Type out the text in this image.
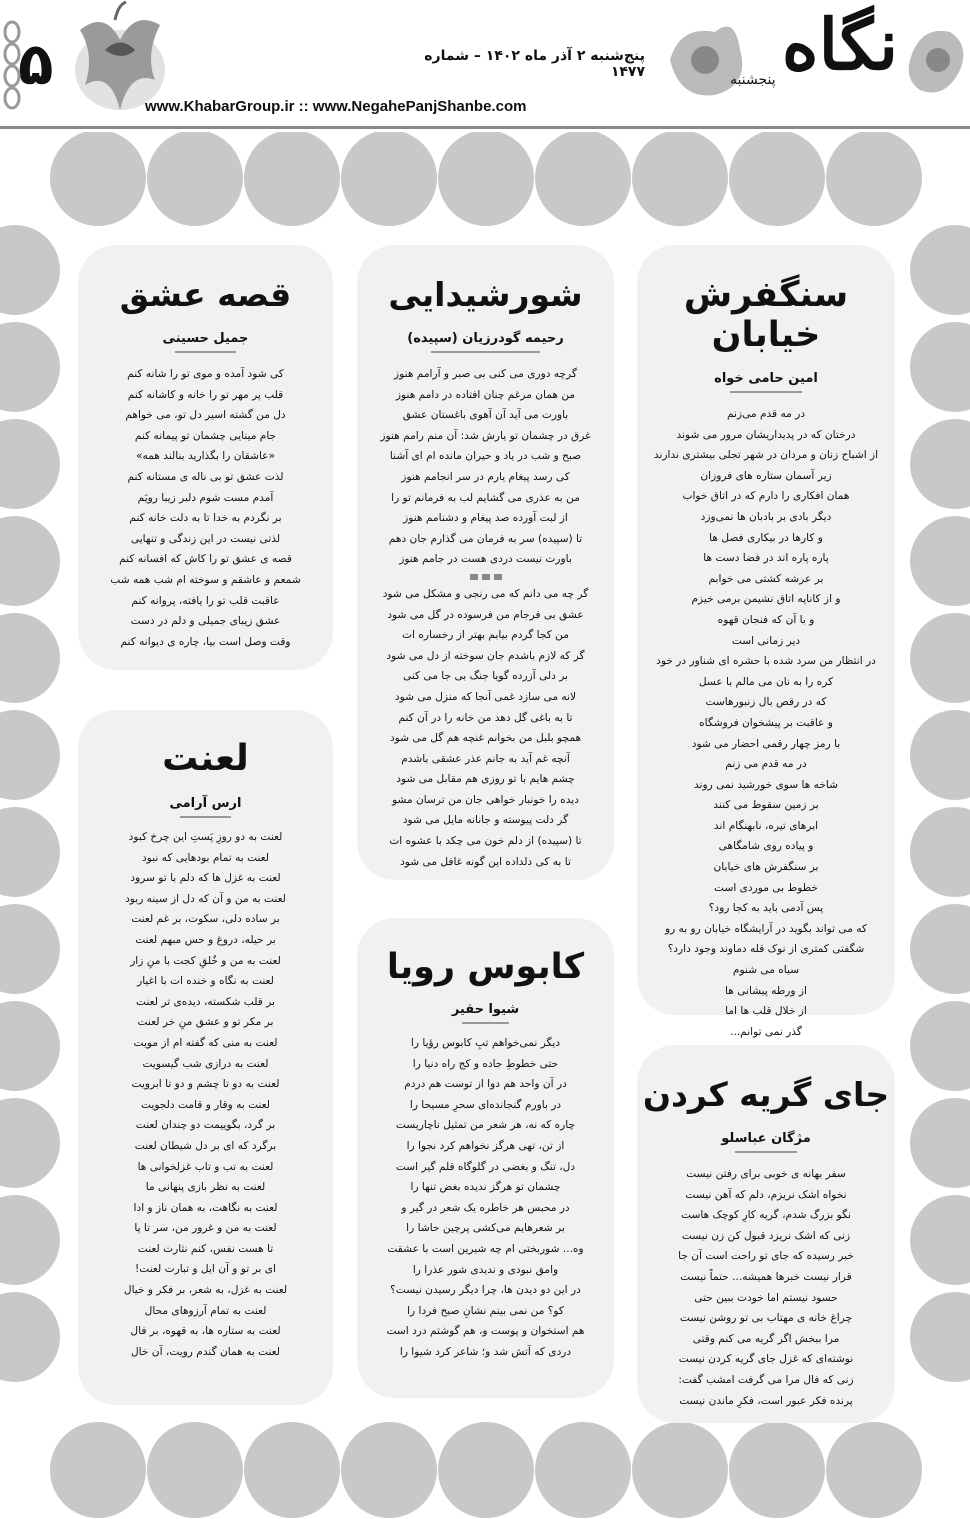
۵	پنج‌شنبه ۲ آذر ماه ۱۴۰۲ – شماره ۱۴۷۷
www.KhabarGroup.ir :: www.NegahePanjShanbe.com
نگاه
پنجشنبه
سنگفرش خیابان
امین حامی خواه
در مه قدم می‌زنم
درختان که در پدیداریشان مرور می شوند
از اشباح زنان و مردان در شهر تجلی بیشتری ندارند
زیر آسمان ستاره های فروزان
همان افکاری را دارم که در اتاق خواب
دیگر بادی بر بادبان ها نمی‌وزد
و کارها در بیکاری فصل ها
پاره پاره اند در فضا دست ها
بر عرشه کشتی می خوابم
و از کاناپه اتاق نشیمن برمی خیزم
و با آن که فنجان قهوه
دیر زمانی است
در انتظار من سرد شده با حشره ای شناور در خود
کره را به نان می مالم با عسل
که در رقص بال زنبورهاست
و عاقبت بر پیشخوان فروشگاه
با رمز چهار رقمی احضار می شود
در مه قدم می زنم
شاخه ها سوی خورشید نمی روند
بر زمین سقوط می کنند
ابرهای تیره، نابهنگام اند
و پیاده روی شامگاهی
بر سنگفرش های خیابان
خطوط بی موردی است
پس آدمی باید به کجا رود؟
که می تواند بگوید در آرایشگاه خیابان رو به رو
شگفتی کمتری از نوک قله دماوند وجود دارد؟
سیاه می شنوم
از ورطه پیشانی ها
از خلال قلب ها اما
گذر نمی توانم...
شورشیدایی
رحیمه گودرزیان (سپیده)
گرچه دوری می کنی بی صبر و آرامم هنوز
من همان مرغم چنان افتاده در دامم هنوز
باورت می آید آن آهوی باغستان عشق
غرق در چشمان تو یارش شد: آن منم رامم هنوز
صبح و شب در یاد و حیران مانده ام ای آشنا
کی رسد پیغام یارم در سر انجامم هنوز
من به عذری می گشایم لب به فرمانم تو را
از لبت آورده صد پیغام و دشنامم هنوز
تا (سپیده) سر به فرمان می گذارم جان دهم
باورت نیست دردی هست در جامم هنوز
گر چه می دانم که می رنجی و مشکل می شود
عشق بی فرجام من فرسوده در گل می شود
من کجا گردم بیابم بهتر از رخساره ات
گر که لازم باشدم جان سوخته از دل می شود
بر دلی آزرده گویا جنگ بی جا می کنی
لانه می سازد غمی آنجا که منزل می شود
تا به باغی گل دهد من خانه را در آن کنم
همچو بلبل من بخوانم غنچه هم گل می شود
آنچه غم آید به جانم عذر عشقی باشدم
چشم هایم با تو روزی هم مقابل می شود
دیده را خونبار خواهی جان من ترسان مشو
گر دلت پیوسته و جانانه مایل می شود
تا (سپیده) از دلم خون می چکد با عشوه ات
تا به کی دلداده این گونه غافل می شود
قصه عشق
جمیل حسینی
کی شود آمده و موی تو را شانه کنم
قلب پر مهر تو را خانه و کاشانه کنم
دل من گشته اسیر دل تو، می خواهم
جام مینایی چشمان تو پیمانه کنم
«عاشقان را بگذارید بنالند همه»
لذت عشق تو بی ناله ی مستانه کنم
آمدم مست شوم دلبر زیبا رویَم
بر نگردم به خدا تا به دلت خانه کنم
لذتی نیست در این زندگی و تنهایی
قصه ی عشق تو را کاش که افسانه کنم
شمعم و عاشقم و سوخته ام شب همه شب
عاقبت قلب تو را یافته، پروانه کنم
عشق زیبای جمیلی و دلم در دست
وقت وصل است بیا، چاره ی دیوانه کنم
لعنت
ارس آرامی
لعنت به دو روزِ پَستِ این چرخ کبود
لعنت به تمام بودهایی که نبود
لعنت به غزل ها که دلم با تو سرود
لعنت به من و آن که دل از سینه ربود
بر ساده دلی، سکوت، بر غم لعنت
بر حیله، دروغ و حس مبهم لعنت
لعنت به من و خُلقِ کجت با منِ زار
لعنت به نگاه و خنده ات با اغیار
بر قلب شکسته، دیده‌ی تر لعنت
بر مکر تو و عشق منِ خر لعنت
لعنت به منی که گفته ام از مویت
لعنت به درازی شب گیسویت
لعنت به دو تا چشم و دو تا ابرویت
لعنت به وقار و قامت دلجویت
بر گرد، بگوییمت دو چندان لعنت
برگرد که ای بر دل شیطان لعنت
لعنت به تب و تاب غزلخوانی ها
لعنت به نظر بازی پنهانی ما
لعنت به نگاهت، به همان ناز و ادا
لعنت به من و غرور من، سر تا پا
تا هست نفس، کنم نثارت لعنت
ای بر تو و آن ایل و تبارت لعنت!
لعنت به غزل، به شعر، بر فکر و خیال
لعنت به تمام آرزوهای محال
لعنت به ستاره ها، به قهوه، بر فال
لعنت به همان گندم رویت، آن خال
کابوس رویا
شیوا حقیر
دیگر نمی‌خواهم تبِ کابوس رؤیا را
حتی خطوطِ جاده و کج راه دنیا را
در آن واحد هم دوا از توست هم دردم
در باورم گنجانده‌ای سحرِ مسیحا را
چاره که نه، هر شعر من تمثیل ناچاریست
از تن، تهی هرگز نخواهم کرد نجوا را
دل، تنگ و بغضی در گلوگاه قلم گیر است
چشمان تو هرگز ندیده بغض تنها را
در محبس هر خاطره یک شعر در گیر و
بر شعرهایم می‌کشی پرچین حاشا را
وه... شوربختی ام چه شیرین است با عشقت
وامق نبودی و ندیدی شور عذرا را
در این دو دیدن ها، چرا دیگر رسیدن نیست؟
کو؟ من نمی بینم نشانِ صبح فردا را
هم استخوان و پوست و، هم گوشتم درد است
دردی که آتش شد و؛ شاعر کرد شیوا را
جای گریه کردن
مژگان عباسلو
سفر بهانه ی خوبی برای رفتن نیست
نخواه اشک نریزم، دلم که آهن نیست
نگو بزرگ شدم، گریه کارِ کوچک هاست
زنی که اشک نریزد قبول کن زن نیست
خبر رسیده که جای تو راحت است آن جا
قرار نیست خبرها همیشه... حتماً نیست
حسود نیستم اما خودت ببین حتی
چراغ خانه ی مهتاب بی تو روشن نیست
مرا ببخش اگر گریه می کنم وقتی
نوشته‌ای که غزل جای گریه کردن نیست
زنی که فال مرا می گرفت امشب گفت:
پرنده فکر عبور است، فکرِ ماندن نیست
